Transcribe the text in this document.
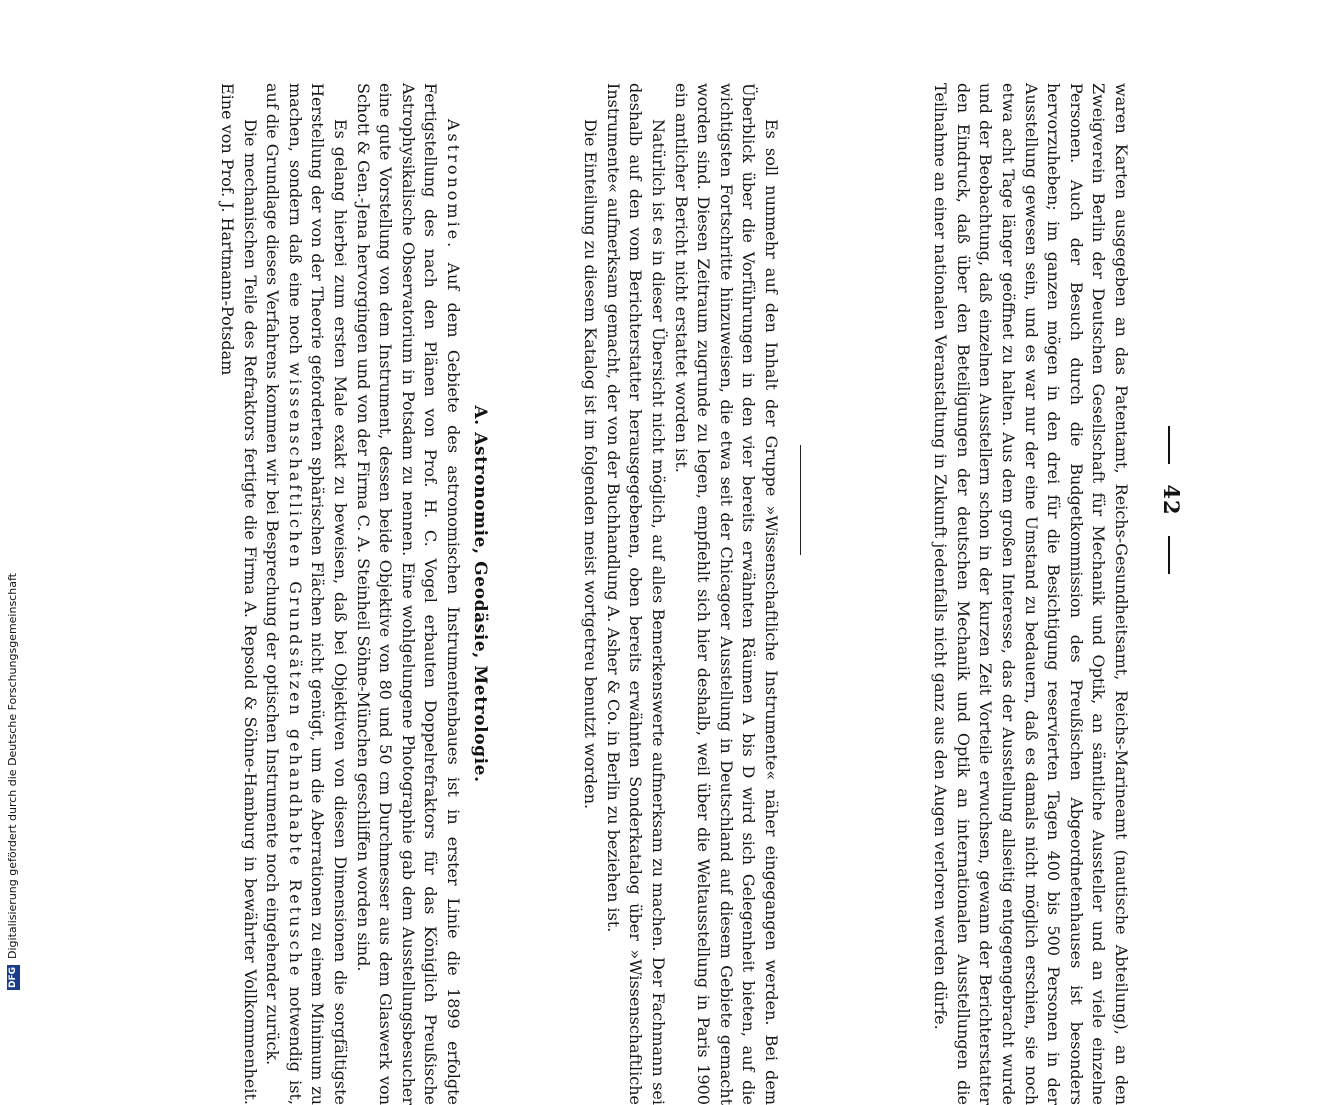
42

waren Karten ausgegeben an das Patentamt, Reichs-Gesundheitsamt, Reichs-Marineamt (nautische Abteilung), an den Zweigverein Berlin der Deutschen Gesellschaft für Mechanik und Optik, an sämtliche Aussteller und an viele einzelne Personen. Auch der Besuch durch die Budgetkommission des Preußischen Abgeordnetenhauses ist besonders hervorzuheben; im ganzen mögen in den drei für die Besichtigung reservierten Tagen 400 bis 500 Personen in der Ausstellung gewesen sein, und es war nur der eine Umstand zu bedauern, daß es damals nicht möglich erschien, sie noch etwa acht Tage länger geöffnet zu halten. Aus dem großen Interesse, das der Ausstellung allseitig entgegengebracht wurde und der Beobachtung, daß einzelnen Ausstellern schon in der kurzen Zeit Vorteile erwuchsen, gewann der Berichterstatter den Eindruck, daß über den Beteiligungen der deutschen Mechanik und Optik an internationalen Ausstellungen die Teilnahme an einer nationalen Veranstaltung in Zukunft jedenfalls nicht ganz aus den Augen verloren werden dürfe.

Es soll nunmehr auf den Inhalt der Gruppe »Wissenschaftliche Instrumente« näher eingegangen werden. Bei dem Überblick über die Vorführungen in den vier bereits erwähnten Räumen A bis D wird sich Gelegenheit bieten, auf die wichtigsten Fortschritte hinzuweisen, die etwa seit der Chicagoer Ausstellung in Deutschland auf diesem Gebiete gemacht worden sind. Diesen Zeitraum zugrunde zu legen, empfiehlt sich hier deshalb, weil über die Weltausstellung in Paris 1900 ein amtlicher Bericht nicht erstattet worden ist.

Natürlich ist es in dieser Übersicht nicht möglich, auf alles Bemerkenswerte aufmerksam zu machen. Der Fachmann sei deshalb auf den vom Berichterstatter herausgegebenen, oben bereits erwähnten Sonderkatalog über »Wissenschaftliche Instrumente« aufmerksam gemacht, der von der Buchhandlung A. Asher & Co. in Berlin zu beziehen ist.

Die Einteilung zu diesem Katalog ist im folgenden meist wortgetreu benutzt worden.

A. Astronomie, Geodäsie, Metrologie.

Astronomie. Auf dem Gebiete des astronomischen Instrumentenbaues ist in erster Linie die 1899 erfolgte Fertigstellung des nach den Plänen von Prof. H. C. Vogel erbauten Doppelrefraktors für das Königlich Preußische Astrophysikalische Observatorium in Potsdam zu nennen. Eine wohlgelungene Photographie gab dem Ausstellungsbesucher eine gute Vorstellung von dem Instrument, dessen beide Objektive von 80 und 50 cm Durchmesser aus dem Glaswerk von Schott & Gen.-Jena hervorgingen und von der Firma C. A. Steinheil Söhne-München geschliffen worden sind.

Es gelang hierbei zum ersten Male exakt zu beweisen, daß bei Objektiven von diesen Dimensionen die sorgfältigste Herstellung der von der Theorie geforderten sphärischen Flächen nicht genügt, um die Aberrationen zu einem Minimum zu machen, sondern daß eine noch wissenschaftlichen Grundsätzen gehandhabte Retusche notwendig ist, auf die Grundlage dieses Verfahrens kommen wir bei Besprechung der optischen Instrumente noch eingehender zurück.

Die mechanischen Teile des Refraktors fertigte die Firma A. Repsold & Söhne-Hamburg in bewährter Vollkommenheit. Eine von Prof. J. Hartmann-Potsdam

DFGDigitalisierung gefördert durch die Deutsche Forschungsgemeinschaft
